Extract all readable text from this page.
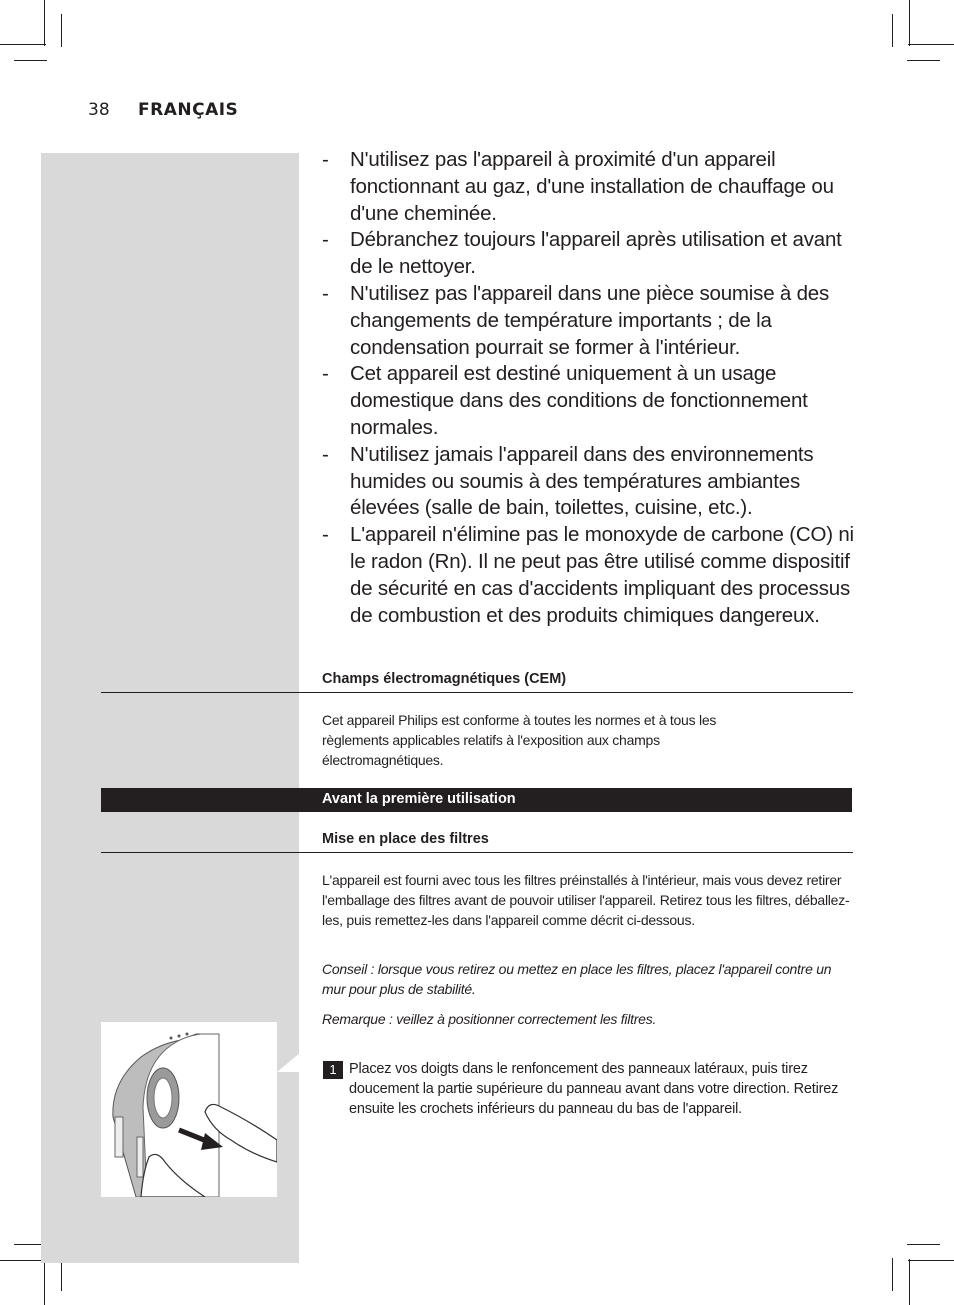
38 FRANÇAIS
- N'utilisez pas l'appareil à proximité d'un appareil fonctionnant au gaz, d'une installation de chauffage ou d'une cheminée.
- Débranchez toujours l'appareil après utilisation et avant de le nettoyer.
- N'utilisez pas l'appareil dans une pièce soumise à des changements de température importants ; de la condensation pourrait se former à l'intérieur.
- Cet appareil est destiné uniquement à un usage domestique dans des conditions de fonctionnement normales.
- N'utilisez jamais l'appareil dans des environnements humides ou soumis à des températures ambiantes élevées (salle de bain, toilettes, cuisine, etc.).
- L'appareil n'élimine pas le monoxyde de carbone (CO) ni le radon (Rn). Il ne peut pas être utilisé comme dispositif de sécurité en cas d'accidents impliquant des processus de combustion et des produits chimiques dangereux.
Champs électromagnétiques (CEM)
Cet appareil Philips est conforme à toutes les normes et à tous les règlements applicables relatifs à l'exposition aux champs électromagnétiques.
Avant la première utilisation
Mise en place des filtres
L'appareil est fourni avec tous les filtres préinstallés à l'intérieur, mais vous devez retirer l'emballage des filtres avant de pouvoir utiliser l'appareil. Retirez tous les filtres, déballez-les, puis remettez-les dans l'appareil comme décrit ci-dessous.
Conseil : lorsque vous retirez ou mettez en place les filtres, placez l'appareil contre un mur pour plus de stabilité.
Remarque : veillez à positionner correctement les filtres.
1 Placez vos doigts dans le renfoncement des panneaux latéraux, puis tirez doucement la partie supérieure du panneau avant dans votre direction. Retirez ensuite les crochets inférieurs du panneau du bas de l'appareil.
